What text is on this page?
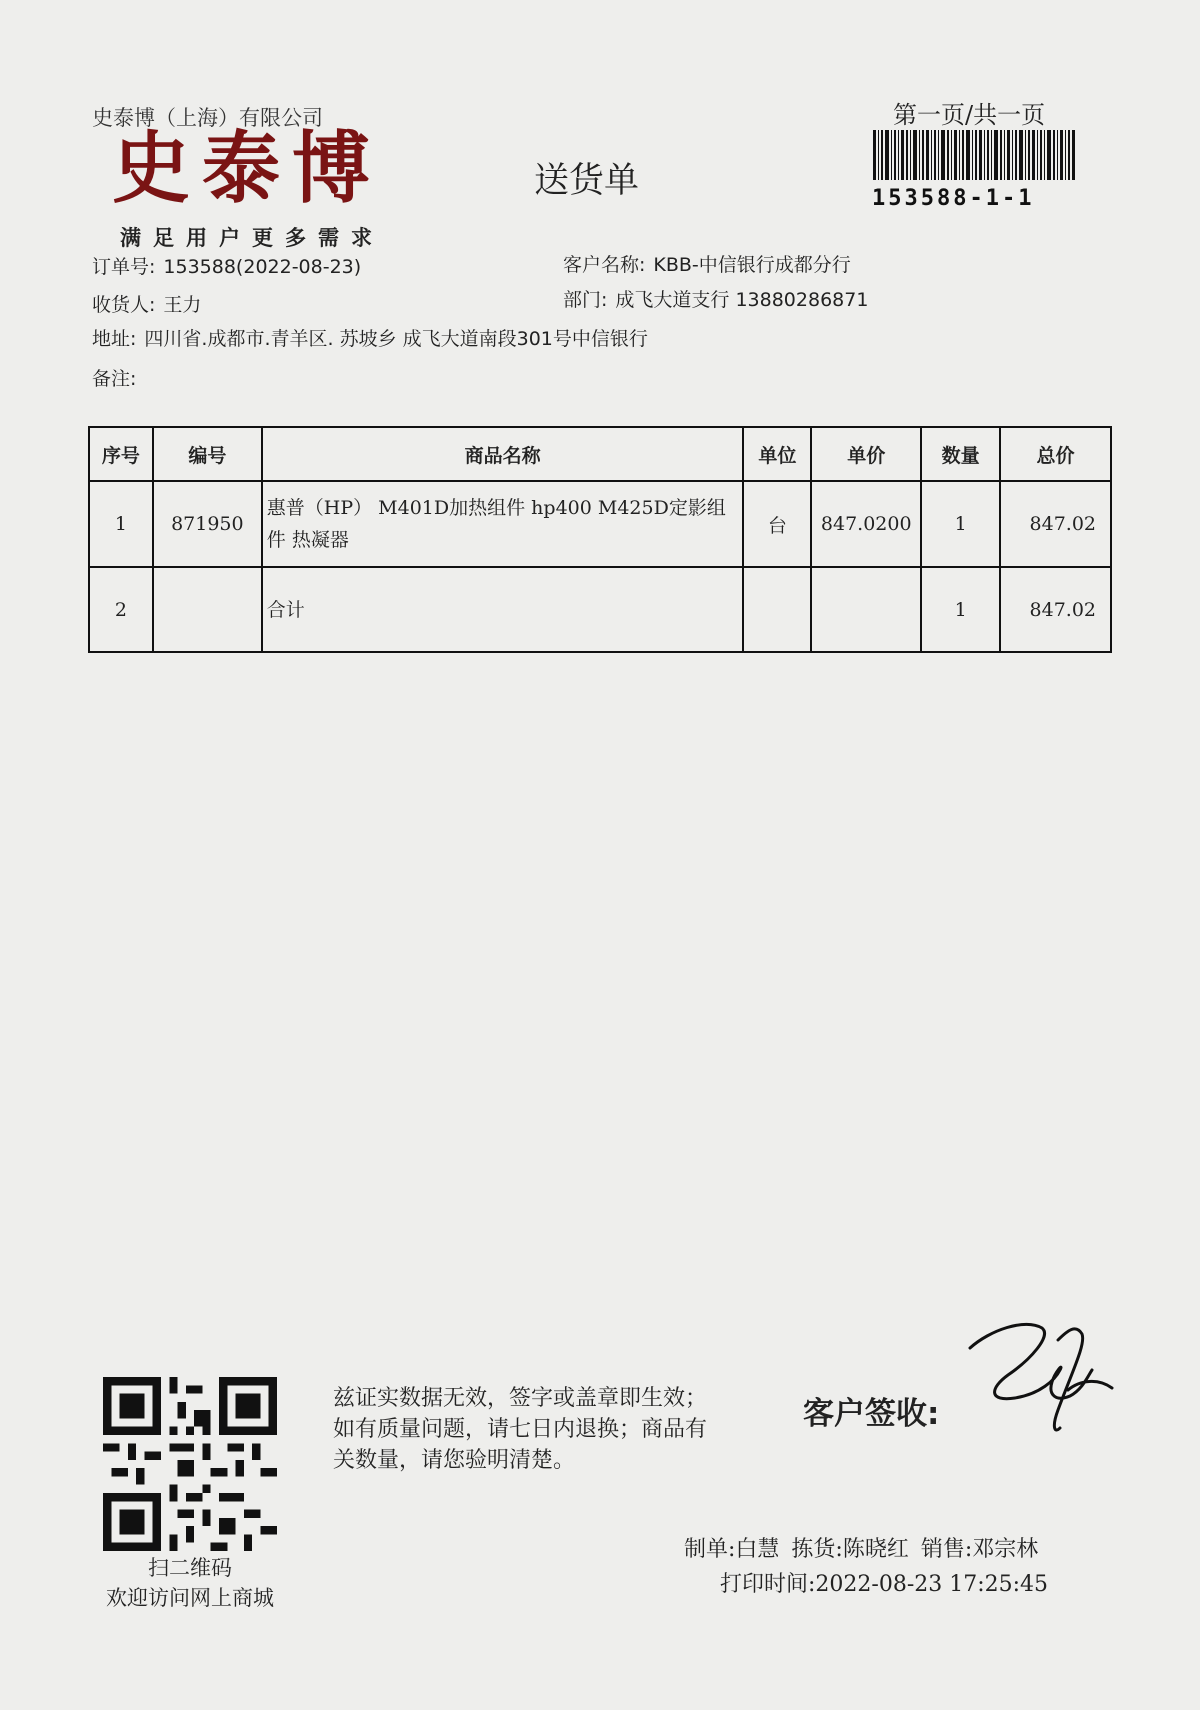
史泰博（上海）有限公司
史泰博
满足用户更多需求
送货单
第一页/共一页
153588-1-1
订单号: 153588(2022-08-23)	客户名称: KBB-中信银行成都分行
收货人: 王力	部门: 成飞大道支行 13880286871
地址: 四川省.成都市.青羊区. 苏坡乡 成飞大道南段301号中信银行
备注:
序号	编号	商品名称	单位	单价	数量	总价
1	871950	惠普（HP） M401D加热组件 hp400 M425D定影组件 热凝器	台	847.0200	1	847.02
2		合计			1	847.02
扫二维码
欢迎访问网上商城
兹证实数据无效，签字或盖章即生效；如有质量问题，请七日内退换；商品有关数量，请您验明清楚。
客户签收:
制单:白慧 拣货:陈晓红 销售:邓宗林
打印时间:2022-08-23 17:25:45
